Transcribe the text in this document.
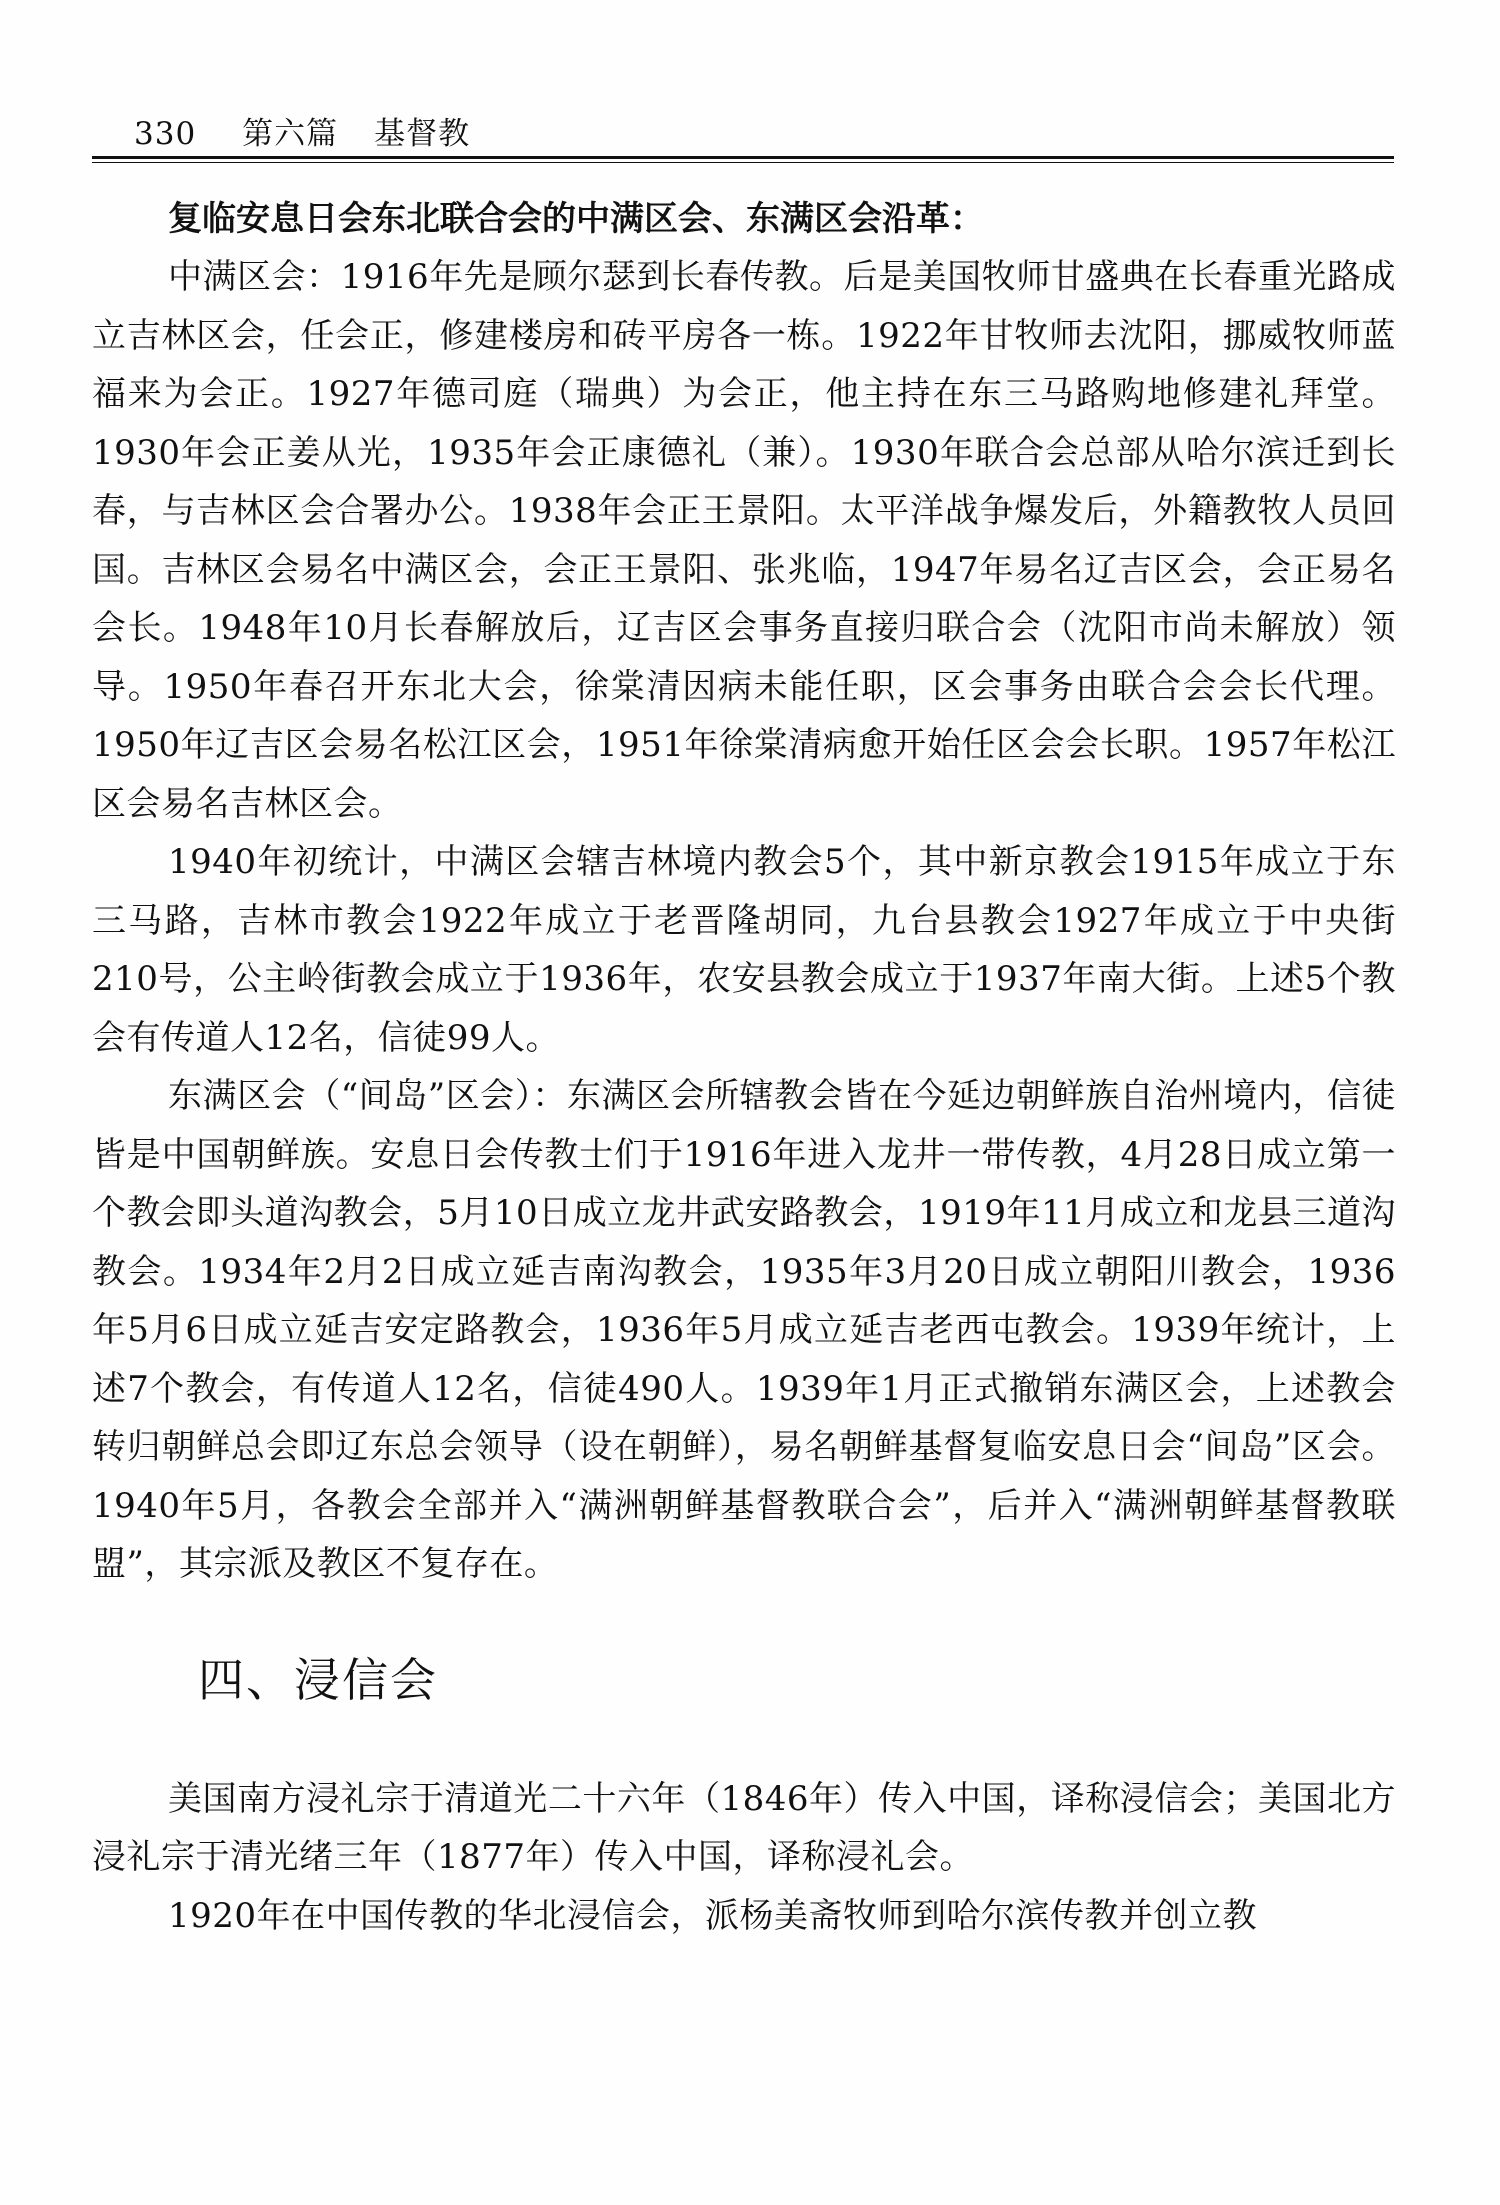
330 第六篇 基督教
复临安息日会东北联合会的中满区会、东满区会沿革：

中满区会：1916年先是顾尔瑟到长春传教。后是美国牧师甘盛典在长春重光路成立吉林区会，任会正，修建楼房和砖平房各一栋。1922年甘牧师去沈阳，挪威牧师蓝福来为会正。1927年德司庭（瑞典）为会正，他主持在东三马路购地修建礼拜堂。1930年会正姜从光，1935年会正康德礼（兼）。1930年联合会总部从哈尔滨迁到长春，与吉林区会合署办公。1938年会正王景阳。太平洋战争爆发后，外籍教牧人员回国。吉林区会易名中满区会，会正王景阳、张兆临，1947年易名辽吉区会，会正易名会长。1948年10月长春解放后，辽吉区会事务直接归联合会（沈阳市尚未解放）领导。1950年春召开东北大会，徐棠清因病未能任职，区会事务由联合会会长代理。1950年辽吉区会易名松江区会，1951年徐棠清病愈开始任区会会长职。1957年松江区会易名吉林区会。

1940年初统计，中满区会辖吉林境内教会5个，其中新京教会1915年成立于东三马路，吉林市教会1922年成立于老晋隆胡同，九台县教会1927年成立于中央街210号，公主岭街教会成立于1936年，农安县教会成立于1937年南大街。上述5个教会有传道人12名，信徒99人。

东满区会（“间岛”区会）：东满区会所辖教会皆在今延边朝鲜族自治州境内，信徒皆是中国朝鲜族。安息日会传教士们于1916年进入龙井一带传教，4月28日成立第一个教会即头道沟教会，5月10日成立龙井武安路教会，1919年11月成立和龙县三道沟教会。1934年2月2日成立延吉南沟教会，1935年3月20日成立朝阳川教会，1936年5月6日成立延吉安定路教会，1936年5月成立延吉老西屯教会。1939年统计，上述7个教会，有传道人12名，信徒490人。1939年1月正式撤销东满区会，上述教会转归朝鲜总会即辽东总会领导（设在朝鲜），易名朝鲜基督复临安息日会“间岛”区会。1940年5月，各教会全部并入“满洲朝鲜基督教联合会”，后并入“满洲朝鲜基督教联盟”，其宗派及教区不复存在。

四、浸信会

美国南方浸礼宗于清道光二十六年（1846年）传入中国，译称浸信会；美国北方浸礼宗于清光绪三年（1877年）传入中国，译称浸礼会。

1920年在中国传教的华北浸信会，派杨美斋牧师到哈尔滨传教并创立教
